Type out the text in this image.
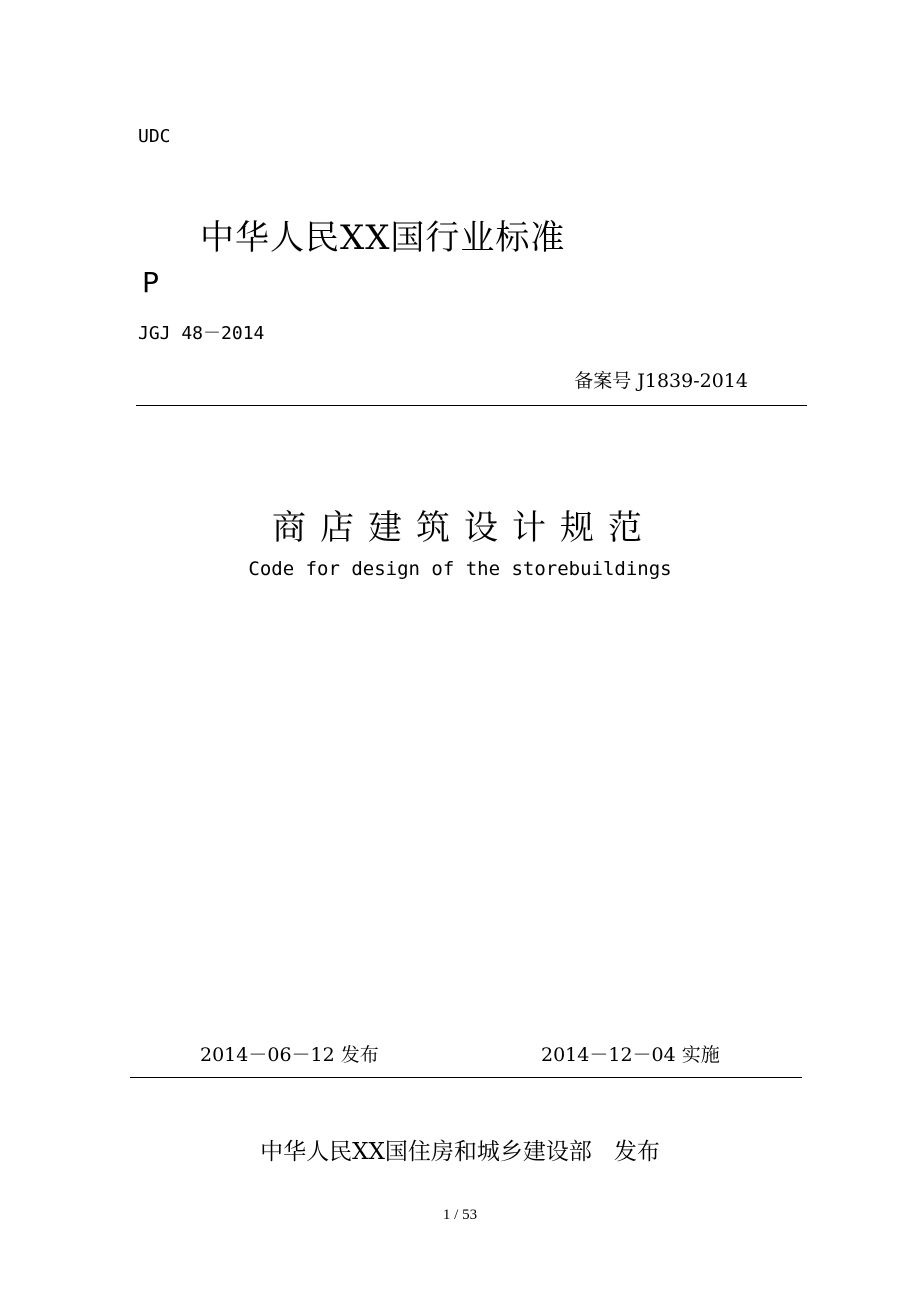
UDC
中华人民XX国行业标准
P
JGJ 48－2014
备案号 J1839-2014
商店建筑设计规范
Code for design of the storebuildings
2014－06－12 发布	2014－12－04 实施
中华人民XX国住房和城乡建设部 发布
1 / 53
